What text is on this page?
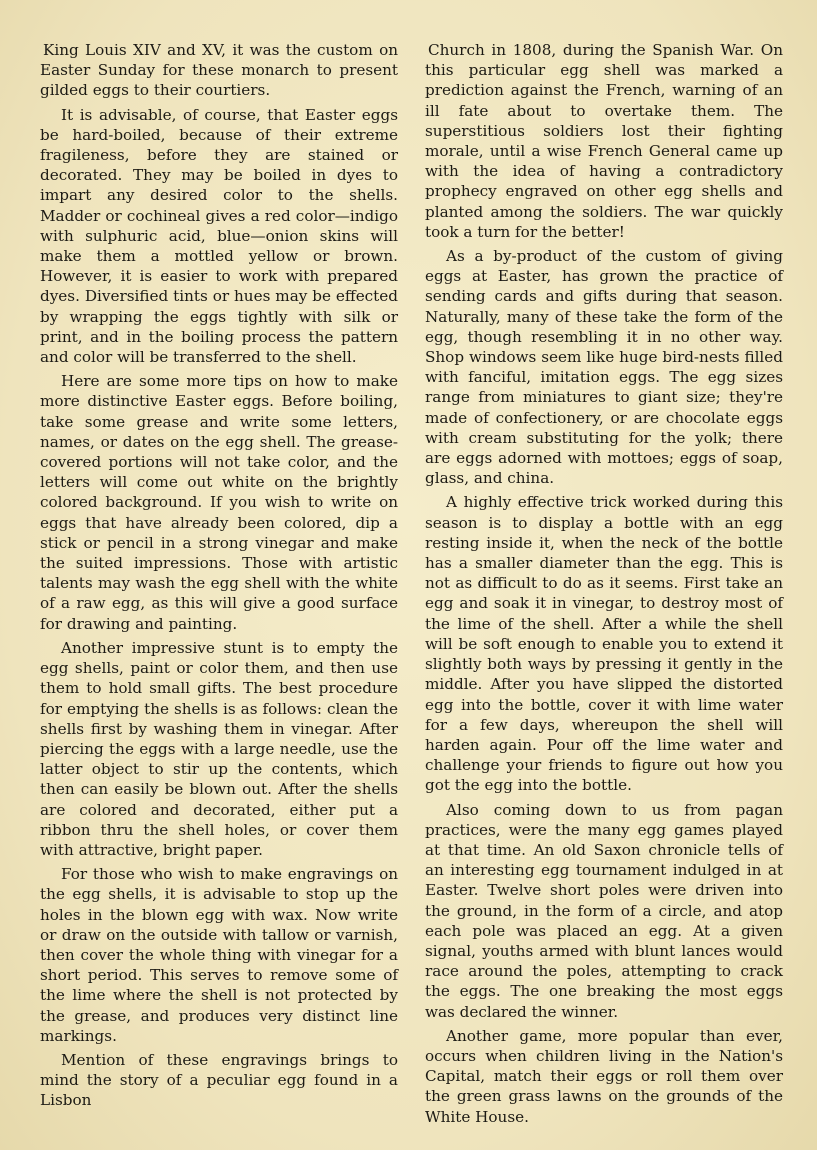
King Louis XIV and XV, it was the custom on Easter Sunday for these monarch to present gilded eggs to their courtiers.

It is advisable, of course, that Easter eggs be hard-boiled, because of their extreme fragileness, before they are stained or decorated. They may be boiled in dyes to impart any desired color to the shells. Madder or cochineal gives a red color—indigo with sulphuric acid, blue—onion skins will make them a mottled yellow or brown. However, it is easier to work with prepared dyes. Diversified tints or hues may be effected by wrapping the eggs tightly with silk or print, and in the boiling process the pattern and color will be transferred to the shell.

Here are some more tips on how to make more distinctive Easter eggs. Before boiling, take some grease and write some letters, names, or dates on the egg shell. The grease-covered portions will not take color, and the letters will come out white on the brightly colored background. If you wish to write on eggs that have already been colored, dip a stick or pencil in a strong vinegar and make the suited impressions. Those with artistic talents may wash the egg shell with the white of a raw egg, as this will give a good surface for drawing and painting.

Another impressive stunt is to empty the egg shells, paint or color them, and then use them to hold small gifts. The best procedure for emptying the shells is as follows: clean the shells first by washing them in vinegar. After piercing the eggs with a large needle, use the latter object to stir up the contents, which then can easily be blown out. After the shells are colored and decorated, either put a ribbon thru the shell holes, or cover them with attractive, bright paper.

For those who wish to make engravings on the egg shells, it is advisable to stop up the holes in the blown egg with wax. Now write or draw on the outside with tallow or varnish, then cover the whole thing with vinegar for a short period. This serves to remove some of the lime where the shell is not protected by the grease, and produces very distinct line markings.

Mention of these engravings brings to mind the story of a peculiar egg found in a Lisbon

Church in 1808, during the Spanish War. On this particular egg shell was marked a prediction against the French, warning of an ill fate about to overtake them. The superstitious soldiers lost their fighting morale, until a wise French General came up with the idea of having a contradictory prophecy engraved on other egg shells and planted among the soldiers. The war quickly took a turn for the better!

As a by-product of the custom of giving eggs at Easter, has grown the practice of sending cards and gifts during that season. Naturally, many of these take the form of the egg, though resembling it in no other way. Shop windows seem like huge bird-nests filled with fanciful, imitation eggs. The egg sizes range from miniatures to giant size; they're made of confectionery, or are chocolate eggs with cream substituting for the yolk; there are eggs adorned with mottoes; eggs of soap, glass, and china.

A highly effective trick worked during this season is to display a bottle with an egg resting inside it, when the neck of the bottle has a smaller diameter than the egg. This is not as difficult to do as it seems. First take an egg and soak it in vinegar, to destroy most of the lime of the shell. After a while the shell will be soft enough to enable you to extend it slightly both ways by pressing it gently in the middle. After you have slipped the distorted egg into the bottle, cover it with lime water for a few days, whereupon the shell will harden again. Pour off the lime water and challenge your friends to figure out how you got the egg into the bottle.

Also coming down to us from pagan practices, were the many egg games played at that time. An old Saxon chronicle tells of an interesting egg tournament indulged in at Easter. Twelve short poles were driven into the ground, in the form of a circle, and atop each pole was placed an egg. At a given signal, youths armed with blunt lances would race around the poles, attempting to crack the eggs. The one breaking the most eggs was declared the winner.

Another game, more popular than ever, occurs when children living in the Nation's Capital, match their eggs or roll them over the green grass lawns on the grounds of the White House.
